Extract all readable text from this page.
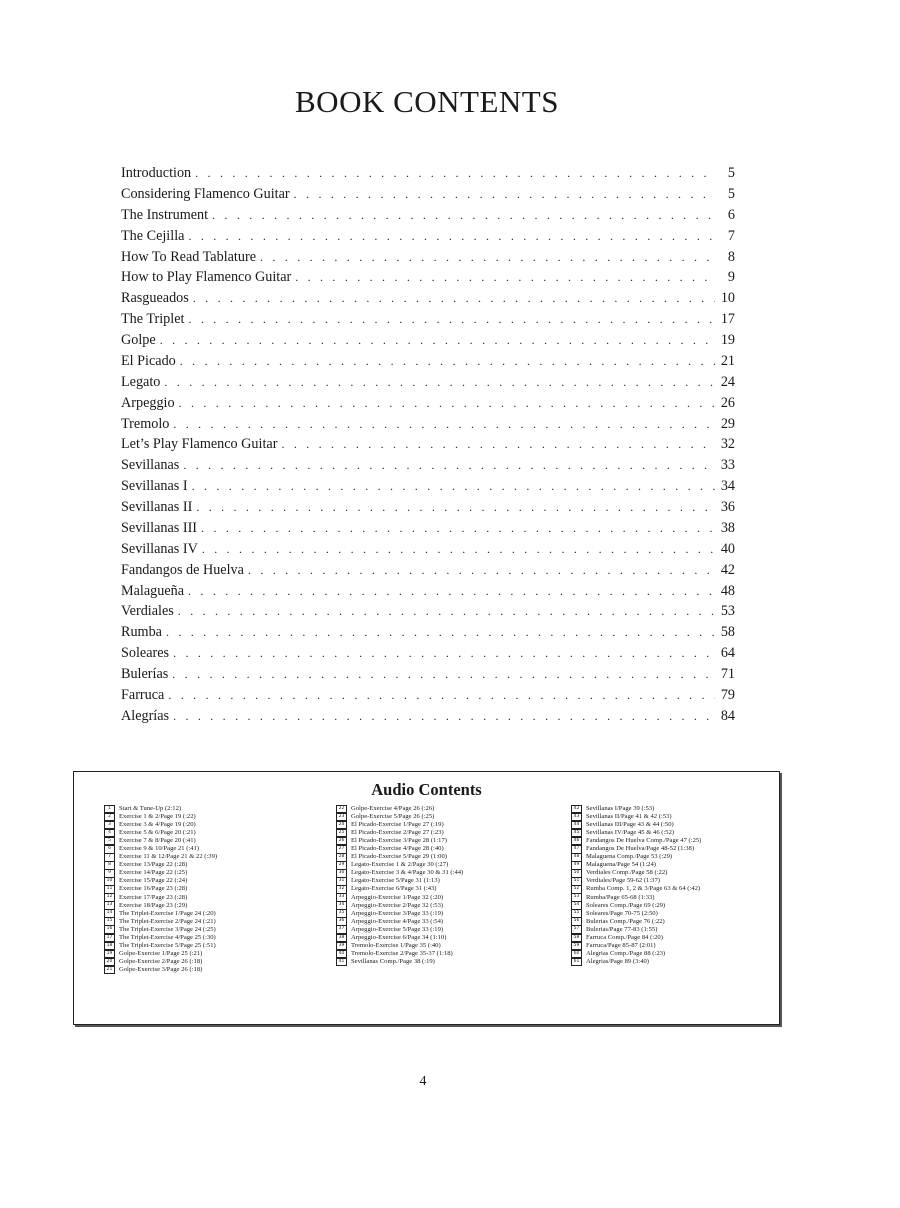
BOOK CONTENTS
Introduction . . .	5
Considering Flamenco Guitar . . .	5
The Instrument . . .	6
The Cejilla . . .	7
How To Read Tablature . . .	8
How to Play Flamenco Guitar . . .	9
Rasgueados . . .	10
The Triplet . . .	17
Golpe . . .	19
El Picado . . .	21
Legato . . .	24
Arpeggio . . .	26
Tremolo . . .	29
Let’s Play Flamenco Guitar . . .	32
Sevillanas . . .	33
Sevillanas I . . .	34
Sevillanas II . . .	36
Sevillanas III . . .	38
Sevillanas IV . . .	40
Fandangos de Huelva . . .	42
Malagueña . . .	48
Verdiales . . .	53
Rumba . . .	58
Soleares . . .	64
Bulerías . . .	71
Farruca . . .	79
Alegrías . . .	84
Audio Contents
1	Start & Tune-Up (2:12)
2	Exercise 1 & 2/Page 19 (:22)
3	Exercise 3 & 4/Page 19 (:20)
4	Exercise 5 & 6/Page 20 (:21)
5	Exercise 7 & 8/Page 20 (:41)
6	Exercise 9 & 10/Page 21 (:41)
7	Exercise 11 & 12/Page 21 & 22 (:39)
8	Exercise 13/Page 22 (:28)
9	Exercise 14/Page 22 (:25)
10	Exercise 15/Page 22 (:24)
11	Exercise 16/Page 23 (:28)
12	Exercise 17/Page 23 (:28)
13	Exercise 18/Page 23 (:29)
14	The Triplet-Exercise 1/Page 24 (:20)
15	The Triplet-Exercise 2/Page 24 (:21)
16	The Triplet-Exercise 3/Page 24 (:25)
17	The Triplet-Exercise 4/Page 25 (:30)
18	The Triplet-Exercise 5/Page 25 (:51)
19	Golpe-Exercise 1/Page 25 (:21)
20	Golpe-Exercise 2/Page 26 (:18)
21	Golpe-Exercise 3/Page 26 (:18)
22	Golpe-Exercise 4/Page 26 (:26)
23	Golpe-Exercise 5/Page 26 (:25)
24	El Picado-Exercise 1/Page 27 (:19)
25	El Picado-Exercise 2/Page 27 (:23)
26	El Picado-Exercise 3/Page 28 (1:17)
27	El Picado-Exercise 4/Page 28 (:40)
28	El Picado-Exercise 5/Page 29 (1:00)
29	Legato-Exercise 1 & 2/Page 30 (:27)
30	Legato-Exercise 3 & 4/Page 30 & 31 (:44)
31	Legato-Exercise 5/Page 31 (1:13)
32	Legato-Exercise 6/Page 31 (:43)
33	Arpeggio-Exercise 1/Page 32 (:20)
34	Arpeggio-Exercise 2/Page 32 (:53)
35	Arpeggio-Exercise 3/Page 33 (:19)
36	Arpeggio-Exercise 4/Page 33 (:54)
37	Arpeggio-Exercise 5/Page 33 (:19)
38	Arpeggio-Exercise 6/Page 34 (1:10)
39	Tremolo-Exercise 1/Page 35 (:40)
40	Tremolo-Exercise 2/Page 35-37 (1:18)
41	Sevillanas Comp./Page 38 (:19)
42	Sevillanas I/Page 39 (:53)
43	Sevillanas II/Page 41 & 42 (:53)
44	Sevillanas III/Page 43 & 44 (:50)
45	Sevillanas IV/Page 45 & 46 (:52)
46	Fandangos De Huelva Comp./Page 47 (:25)
47	Fandangos De Huelva/Page 48-52 (1:38)
48	Malaguena Comp./Page 53 (:29)
49	Malaguena/Page 54 (1:24)
50	Verdiales Comp./Page 58 (:22)
51	Verdiales/Page 59-62 (1:37)
52	Rumba Comp. 1, 2 & 3/Page 63 & 64 (:42)
53	Rumba/Page 65-68 (1:33)
54	Soleares Comp./Page 69 (:29)
55	Soleares/Page 70-75 (2:50)
56	Bulerias Comp./Page 76 (:22)
57	Bulerias/Page 77-83 (1:55)
58	Farruca Comp./Page 84 (:20)
59	Farruca/Page 85-87 (2:01)
60	Alegrias Comp./Page 88 (:23)
61	Alegrias/Page 89 (3:40)
4
